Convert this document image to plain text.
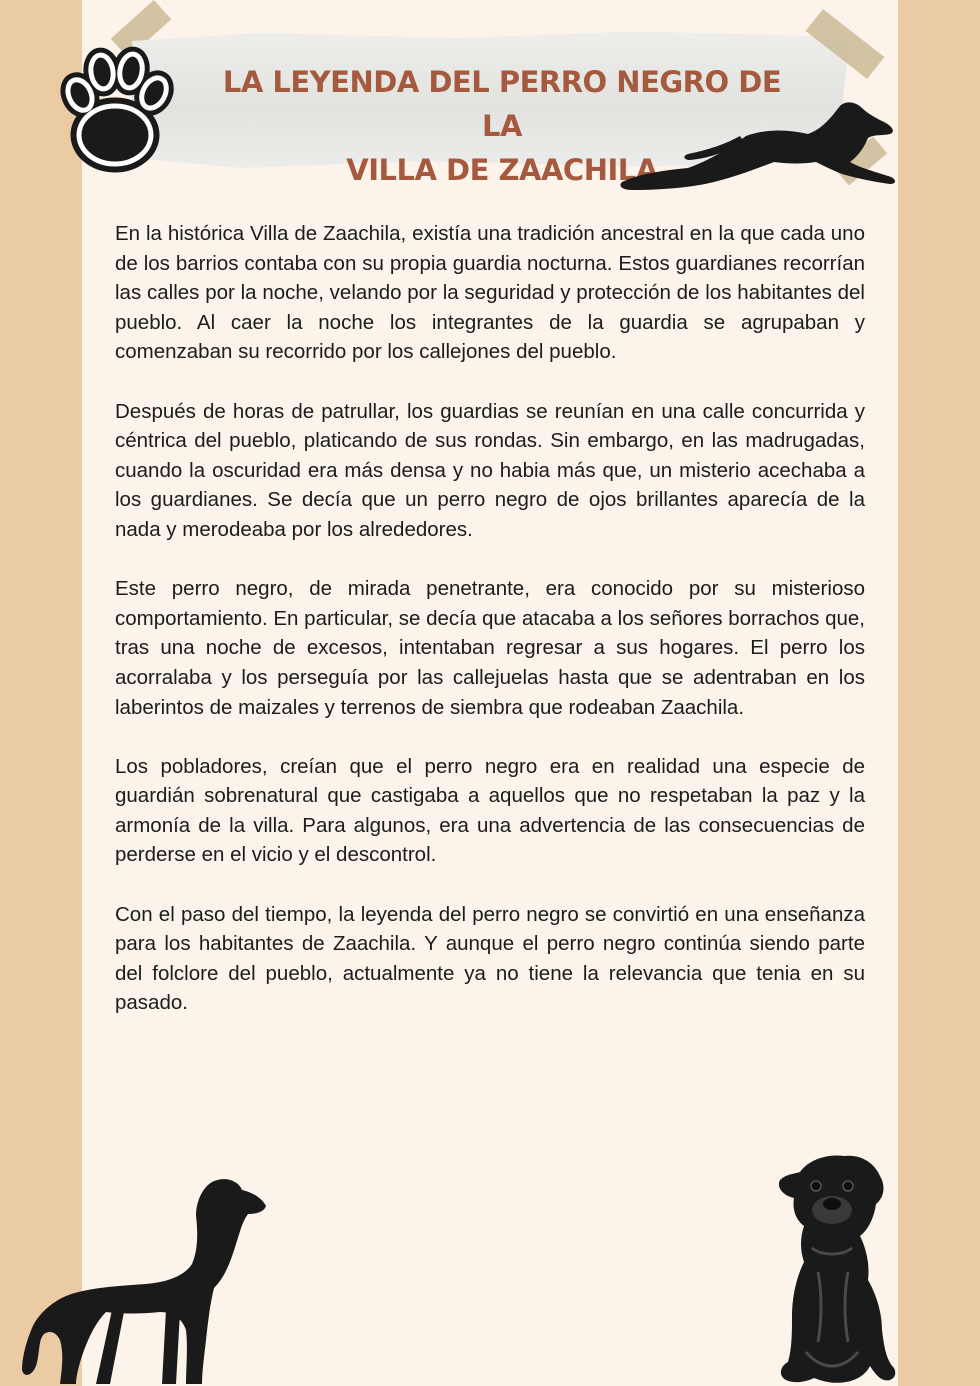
LA LEYENDA DEL PERRO NEGRO DE LA
VILLA DE ZAACHILA

En la histórica Villa de Zaachila, existía una tradición ancestral en la que cada uno de los barrios contaba con su propia guardia nocturna. Estos guardianes recorrían las calles por la noche, velando por la seguridad y protección de los habitantes del pueblo. Al caer la noche los integrantes de la guardia se agrupaban y comenzaban su recorrido por los callejones del pueblo.

Después de horas de patrullar, los guardias se reunían en una calle concurrida y céntrica del pueblo, platicando de sus rondas. Sin embargo, en las madrugadas, cuando la oscuridad era más densa y no habia más que, un misterio acechaba a los guardianes. Se decía que un perro negro de ojos brillantes aparecía de la nada y merodeaba por los alrededores.

Este perro negro, de mirada penetrante, era conocido por su misterioso comportamiento. En particular, se decía que atacaba a los señores borrachos que, tras una noche de excesos, intentaban regresar a sus hogares. El perro los acorralaba y los perseguía por las callejuelas hasta que se adentraban en los laberintos de maizales y terrenos de siembra que rodeaban Zaachila.

Los pobladores, creían que el perro negro era en realidad una especie de guardián sobrenatural que castigaba a aquellos que no respetaban la paz y la armonía de la villa. Para algunos, era una advertencia de las consecuencias de perderse en el vicio y el descontrol.

Con el paso del tiempo, la leyenda del perro negro se convirtió en una enseñanza para los habitantes de Zaachila. Y aunque el perro negro continúa siendo parte del folclore del pueblo, actualmente ya no tiene la relevancia que tenia en su pasado.
